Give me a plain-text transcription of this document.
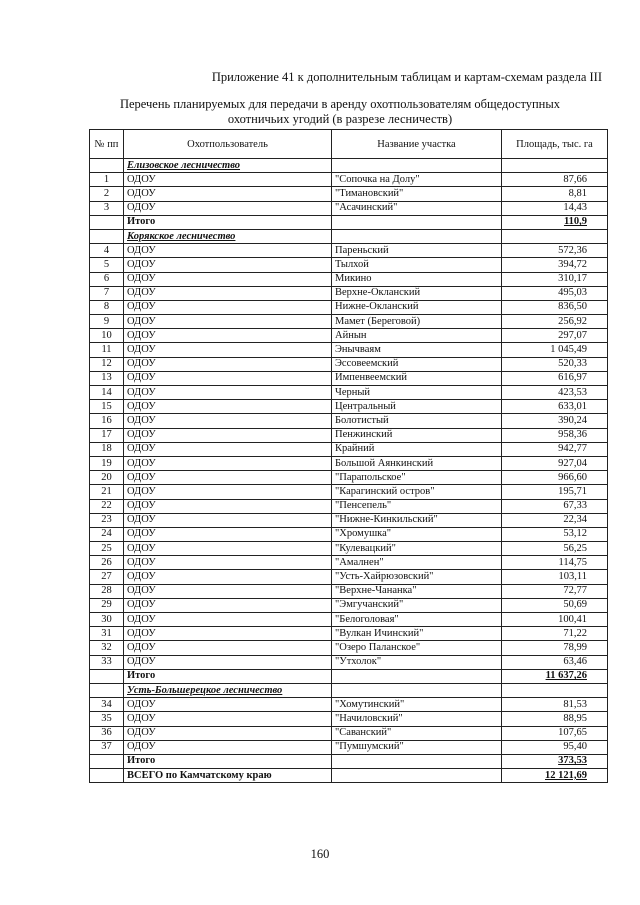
Приложение 41 к дополнительным таблицам и картам-схемам раздела III
Перечень планируемых для передачи в аренду охотпользователям общедоступных
охотничьих угодий (в разрезе лесничеств)
№ пп	Охотпользователь	Название участка	Площадь, тыс. га
	Елизовское лесничество		
1	ОДОУ	"Сопочка на Долу"	87,66
2	ОДОУ	"Тимановский"	8,81
3	ОДОУ	"Асачинский"	14,43
	Итого		110,9
	Корякское лесничество		
4	ОДОУ	Пареньский	572,36
5	ОДОУ	Тылхой	394,72
6	ОДОУ	Микино	310,17
7	ОДОУ	Верхне-Окланский	495,03
8	ОДОУ	Нижне-Окланский	836,50
9	ОДОУ	Мамет (Береговой)	256,92
10	ОДОУ	Айнын	297,07
11	ОДОУ	Энычваям	1 045,49
12	ОДОУ	Эссовеемский	520,33
13	ОДОУ	Импенвеемский	616,97
14	ОДОУ	Черный	423,53
15	ОДОУ	Центральный	633,01
16	ОДОУ	Болотистый	390,24
17	ОДОУ	Пенжинский	958,36
18	ОДОУ	Крайний	942,77
19	ОДОУ	Большой Аянкинский	927,04
20	ОДОУ	"Парапольское"	966,60
21	ОДОУ	"Карагинский остров"	195,71
22	ОДОУ	"Пенсепель"	67,33
23	ОДОУ	"Нижне-Кинкильский"	22,34
24	ОДОУ	"Хромушка"	53,12
25	ОДОУ	"Кулевацкий"	56,25
26	ОДОУ	"Амалнен"	114,75
27	ОДОУ	"Усть-Хайрюзовский"	103,11
28	ОДОУ	"Верхне-Чананка"	72,77
29	ОДОУ	"Эмгучанский"	50,69
30	ОДОУ	"Белоголовая"	100,41
31	ОДОУ	"Вулкан Ичинский"	71,22
32	ОДОУ	"Озеро Паланское"	78,99
33	ОДОУ	"Утхолок"	63,46
	Итого		11 637,26
	Усть-Большерецкое лесничество		
34	ОДОУ	"Хомутинский"	81,53
35	ОДОУ	"Начиловский"	88,95
36	ОДОУ	"Саванский"	107,65
37	ОДОУ	"Пумшумский"	95,40
	Итого		373,53
	ВСЕГО по Камчатскому краю		12 121,69
160
